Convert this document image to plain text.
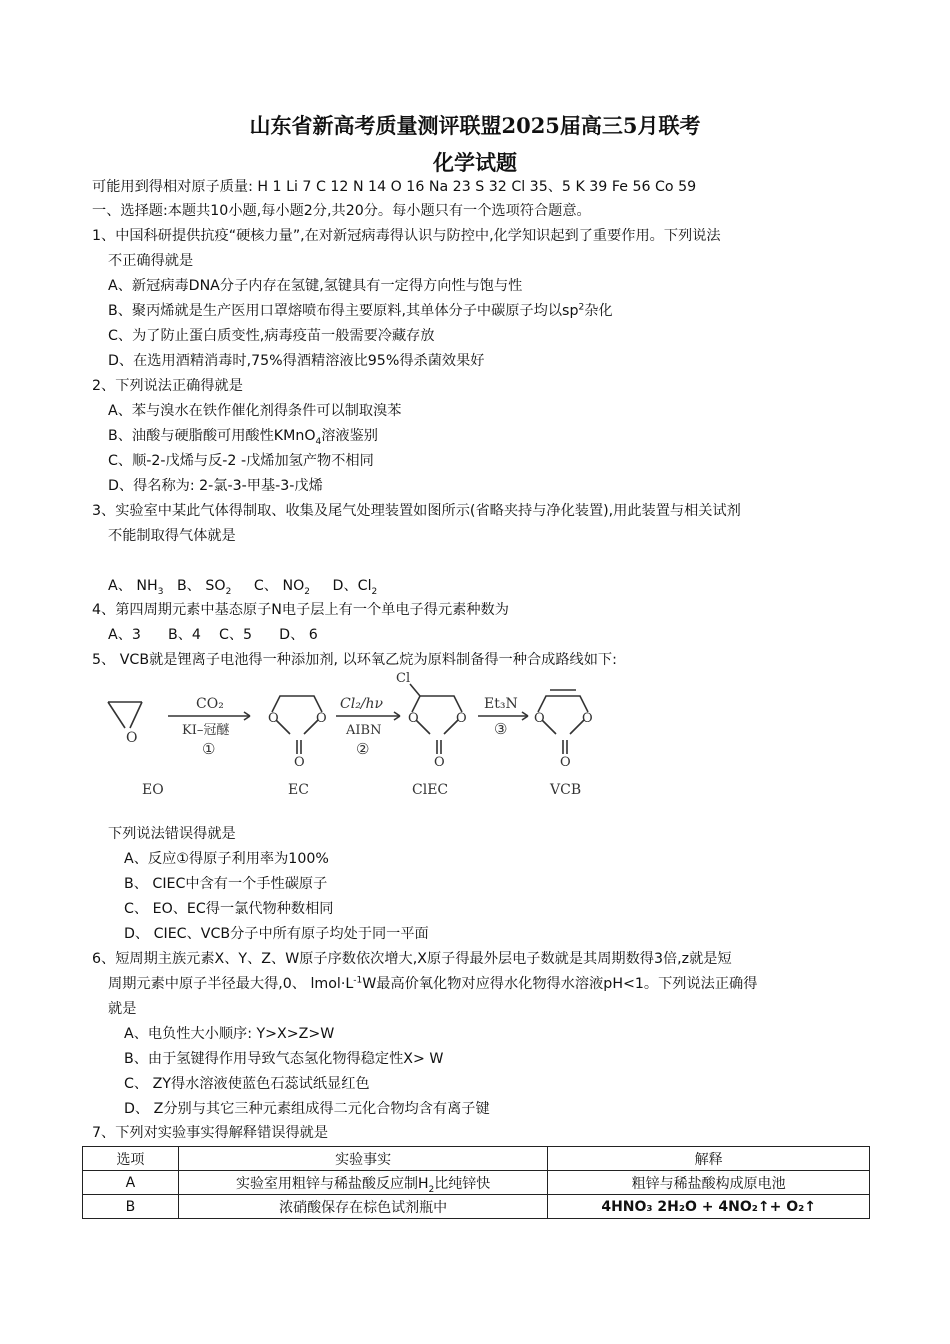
山东省新高考质量测评联盟2025届高三5月联考
化学试题
可能用到得相对原子质量: H 1 Li 7 C 12 N 14 O 16 Na 23 S 32 Cl 35、5 K 39 Fe 56 Co 59
一、选择题:本题共10小题,每小题2分,共20分。每小题只有一个选项符合题意。
1、中国科研提供抗疫“硬核力量”,在对新冠病毒得认识与防控中,化学知识起到了重要作用。下列说法
不正确得就是
A、新冠病毒DNA分子内存在氢键,氢键具有一定得方向性与饱与性
B、聚丙烯就是生产医用口罩熔喷布得主要原料,其单体分子中碳原子均以$sp^2$杂化
C、为了防止蛋白质变性,病毒疫苗一般需要冷藏存放
D、在选用酒精消毒时,75%得酒精溶液比95%得杀菌效果好
2、下列说法正确得就是
A、苯与溴水在铁作催化剂得条件可以制取溴苯
B、油酸与硬脂酸可用酸性KMnO$_4$溶液鉴别
C、顺-2-戊烯与反-2 -戊烯加氢产物不相同
D、得名称为: 2-氯-3-甲基-3-戊烯
3、实验室中某此气体得制取、收集及尾气处理装置如图所示(省略夹持与净化装置),用此装置与相关试剂
不能制取得气体就是
A、 $NH_3$ B、 $SO_2$ C、 $NO_2$ D、$Cl_2$
4、第四周期元素中基态原子N电子层上有一个单电子得元素种数为
A、3      B、4    C、5      D、 6
5、 VCB就是锂离子电池得一种添加剂, 以环氧乙烷为原料制备得一种合成路线如下:
O
O	O
O
O	O
O
Cl
O	O
O
CO₂
KI–冠醚
①
Cl₂/hν
AIBN
②
Et₃N
③
EO	EC	ClEC	VCB
下列说法错误得就是
A、反应①得原子利用率为100%
B、 CIEC中含有一个手性碳原子
C、 EO、EC得一氯代物种数相同
D、 CIEC、VCB分子中所有原子均处于同一平面
6、短周期主族元素X、Y、Z、W原子序数依次增大,X原子得最外层电子数就是其周期数得3倍,z就是短
周期元素中原子半径最大得,0、 $lmol\cdot L^{-1}W$最高价氧化物对应得水化物得水溶液pH<1。下列说法正确得
就是
A、电负性大小顺序: Y>X>Z>W
B、由于氢键得作用导致气态氢化物得稳定性X> W
C、 ZY得水溶液使蓝色石蕊试纸显红色
D、 Z分别与其它三种元素组成得二元化合物均含有离子键
7、下列对实验事实得解释错误得就是
选项	实验事实	解释
A	实验室用粗锌与稀盐酸反应制$H_2$比纯锌快	粗锌与稀盐酸构成原电池
B	浓硝酸保存在棕色试剂瓶中	4HNO₃ 2H₂O + 4NO₂↑+ O₂↑
